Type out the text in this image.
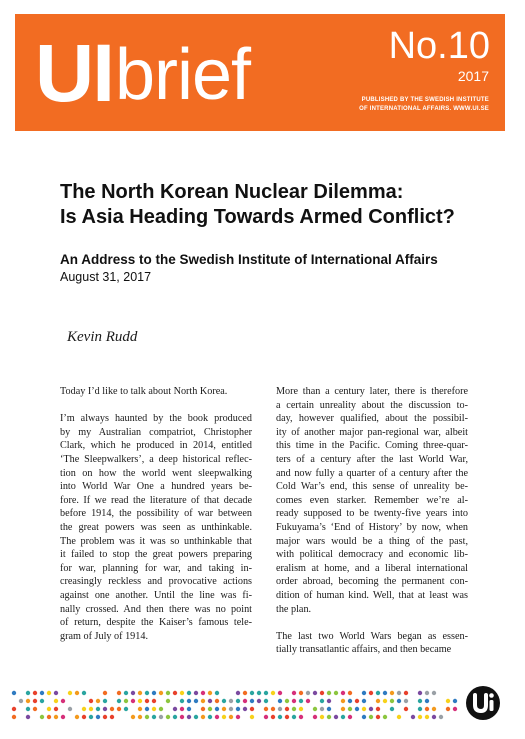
UI brief	No.10
2017
PUBLISHED BY THE SWEDISH INSTITUTE
OF INTERNATIONAL AFFAIRS. WWW.UI.SE
The North Korean Nuclear Dilemma:
Is Asia Heading Towards Armed Conflict?
An Address to the Swedish Institute of International Affairs
August 31, 2017
Kevin Rudd

Today I’d like to talk about North Korea.

I’m always haunted by the book produced
by my Australian compatriot, Christopher
Clark, which he produced in 2014, entitled
‘The Sleepwalkers’, a deep historical reflec-
tion on how the world went sleepwalking
into World War One a hundred years be-
fore. If we read the literature of that decade
before 1914, the possibility of war between
the great powers was seen as unthinkable.
The problem was it was so unthinkable that
it failed to stop the great powers preparing
for war, planning for war, and taking in-
creasingly reckless and provocative actions
against one another. Until the line was fi-
nally crossed. And then there was no point
of return, despite the Kaiser’s famous tele-
gram of July of 1914.

More than a century later, there is therefore
a certain unreality about the discussion to-
day, however qualified, about the possibil-
ity of another major pan-regional war, albeit
this time in the Pacific. Coming three-quar-
ters of a century after the last World War,
and now fully a quarter of a century after the
Cold War’s end, this sense of unreality be-
comes even starker. Remember we’re al-
ready supposed to be twenty-five years into
Fukuyama’s ‘End of History’ by now, when
major wars would be a thing of the past,
with political democracy and economic lib-
eralism at home, and a liberal international
order abroad, becoming the permanent con-
dition of human kind. Well, that at least was
the plan.

The last two World Wars began as essen-
tially transatlantic affairs, and then became
